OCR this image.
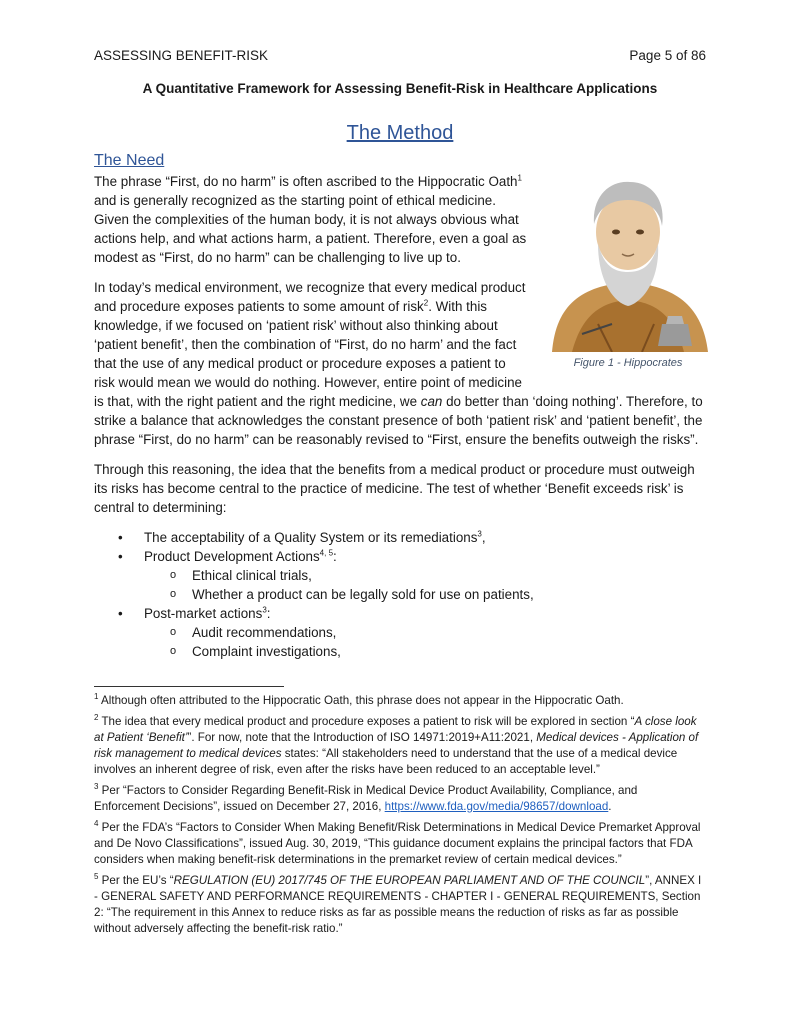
ASSESSING BENEFIT-RISK	Page 5 of 86
A Quantitative Framework for Assessing Benefit-Risk in Healthcare Applications
The Method
The Need
Figure 1 - Hippocrates

The phrase “First, do no harm” is often ascribed to the Hippocratic Oath$^1$ and is generally recognized as the starting point of ethical medicine. Given the complexities of the human body, it is not always obvious what actions help, and what actions harm, a patient. Therefore, even a goal as modest as “First, do no harm” can be challenging to live up to.

In today’s medical environment, we recognize that every medical product and procedure exposes patients to some amount of risk$^2$. With this knowledge, if we focused on ‘patient risk’ without also thinking about ‘patient benefit’, then the combination of “First, do no harm’ and the fact that the use of any medical product or procedure exposes a patient to risk would mean we would do nothing. However, entire point of medicine is that, with the right patient and the right medicine, we can do better than ‘doing nothing’. Therefore, to strike a balance that acknowledges the constant presence of both ‘patient risk’ and ‘patient benefit’, the phrase “First, do no harm” can be reasonably revised to “First, ensure the benefits outweigh the risks”.

Through this reasoning, the idea that the benefits from a medical product or procedure must outweigh its risks has become central to the practice of medicine. The test of whether ‘Benefit exceeds risk’ is central to determining:

• The acceptability of a Quality System or its remediations$^3$,
• Product Development Actions$^{4, 5}$:
o Ethical clinical trials,
o Whether a product can be legally sold for use on patients,
• Post-market actions$^3$:
o Audit recommendations,
o Complaint investigations,

$^1$ Although often attributed to the Hippocratic Oath, this phrase does not appear in the Hippocratic Oath.

$^2$ The idea that every medical product and procedure exposes a patient to risk will be explored in section “A close look at Patient ‘Benefit’”. For now, note that the Introduction of ISO 14971:2019+A11:2021, Medical devices - Application of risk management to medical devices states: “All stakeholders need to understand that the use of a medical device involves an inherent degree of risk, even after the risks have been reduced to an acceptable level.”

$^3$ Per “Factors to Consider Regarding Benefit-Risk in Medical Device Product Availability, Compliance, and Enforcement Decisions”, issued on December 27, 2016, https://www.fda.gov/media/98657/download.

$^4$ Per the FDA’s “Factors to Consider When Making Benefit/Risk Determinations in Medical Device Premarket Approval and De Novo Classifications”, issued Aug. 30, 2019, “This guidance document explains the principal factors that FDA considers when making benefit-risk determinations in the premarket review of certain medical devices.”

$^5$ Per the EU’s “REGULATION (EU) 2017/745 OF THE EUROPEAN PARLIAMENT AND OF THE COUNCIL”, ANNEX I - GENERAL SAFETY AND PERFORMANCE REQUIREMENTS - CHAPTER I - GENERAL REQUIREMENTS, Section 2: “The requirement in this Annex to reduce risks as far as possible means the reduction of risks as far as possible without adversely affecting the benefit-risk ratio.”
